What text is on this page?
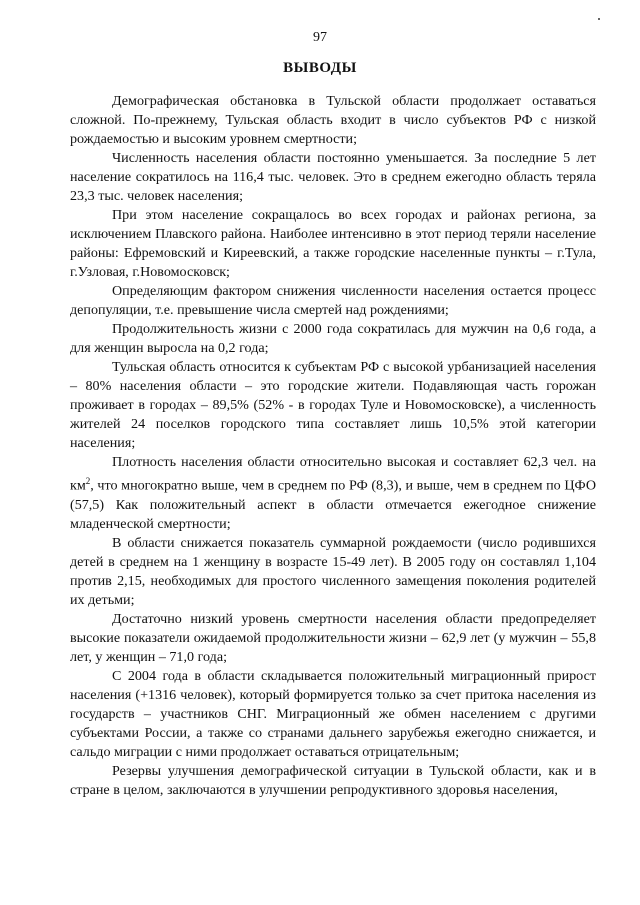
97
ВЫВОДЫ

Демографическая обстановка в Тульской области продолжает оставаться сложной. По-прежнему, Тульская область входит в число субъектов РФ с низкой рождаемостью и высоким уровнем смертности;

Численность населения области постоянно уменьшается. За последние 5 лет население сократилось на 116,4 тыс. человек. Это в среднем ежегодно область теряла 23,3 тыс. человек населения;

При этом население сокращалось во всех городах и районах региона, за исключением Плавского района. Наиболее интенсивно в этот период теряли население районы: Ефремовский и Киреевский, а также городские населенные пункты – г.Тула, г.Узловая, г.Новомосковск;

Определяющим фактором снижения численности населения остается процесс депопуляции, т.е. превышение числа смертей над рождениями;

Продолжительность жизни с 2000 года сократилась для мужчин на 0,6 года, а для женщин выросла на 0,2 года;

Тульская область относится к субъектам РФ с высокой урбанизацией населения – 80% населения области – это городские жители. Подавляющая часть горожан проживает в городах – 89,5% (52% - в городах Туле и Новомосковске), а численность жителей 24 поселков городского типа составляет лишь 10,5% этой категории населения;

Плотность населения области относительно высокая и составляет 62,3 чел. на $км^2$, что многократно выше, чем в среднем по РФ (8,3), и выше, чем в среднем по ЦФО (57,5) Как положительный аспект в области отмечается ежегодное снижение младенческой смертности;

В области снижается показатель суммарной рождаемости (число родившихся детей в среднем на 1 женщину в возрасте 15-49 лет). В 2005 году он составлял 1,104 против 2,15, необходимых для простого численного замещения поколения родителей их детьми;

Достаточно низкий уровень смертности населения области предопределяет высокие показатели ожидаемой продолжительности жизни – 62,9 лет (у мужчин – 55,8 лет, у женщин – 71,0 года;

С 2004 года в области складывается положительный миграционный прирост населения (+1316 человек), который формируется только за счет притока населения из государств – участников СНГ. Миграционный же обмен населением с другими субъектами России, а также со странами дальнего зарубежья ежегодно снижается, и сальдо миграции с ними продолжает оставаться отрицательным;

Резервы улучшения демографической ситуации в Тульской области, как и в стране в целом, заключаются в улучшении репродуктивного здоровья населения,
